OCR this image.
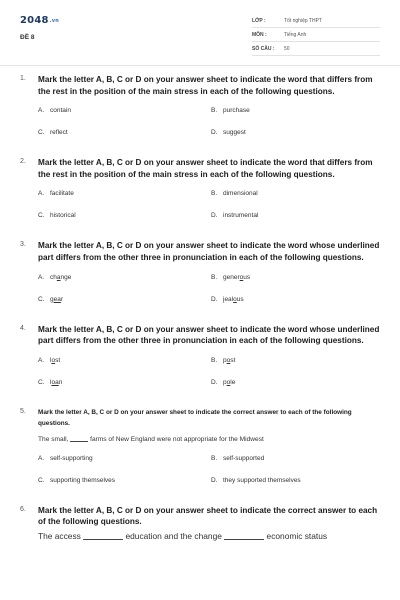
2048.vn
ĐỀ 8
LỚP :	Tốt nghiệp THPT
MÔN :	Tiếng Anh
SỐ CÂU : 50
1. Mark the letter A, B, C or D on your answer sheet to indicate the word that differs from the rest in the position of the main stress in each of the following questions.
A. contain	B. purchase
C. reflect	D. suggest
2. Mark the letter A, B, C or D on your answer sheet to indicate the word that differs from the rest in the position of the main stress in each of the following questions.
A. facilitate	B. dimensional
C. historical	D. instrumental
3. Mark the letter A, B, C or D on your answer sheet to indicate the word whose underlined part differs from the other three in pronunciation in each of the following questions.
A. change	B. generous
C. gear	D. jealous
4. Mark the letter A, B, C or D on your answer sheet to indicate the word whose underlined part differs from the other three in pronunciation in each of the following questions.
A. lost	B. post
C. loan	D. pole
5. Mark the letter A, B, C or D on your answer sheet to indicate the correct answer to each of the following questions.
The small,	farms of New England were not appropriate for the Midwest
A. self-supporting	B. self-supported
C. supporting themselves	D. they supported themselves
6. Mark the letter A, B, C or D on your answer sheet to indicate the correct answer to each of the following questions.
The access	education and the change	economic status
